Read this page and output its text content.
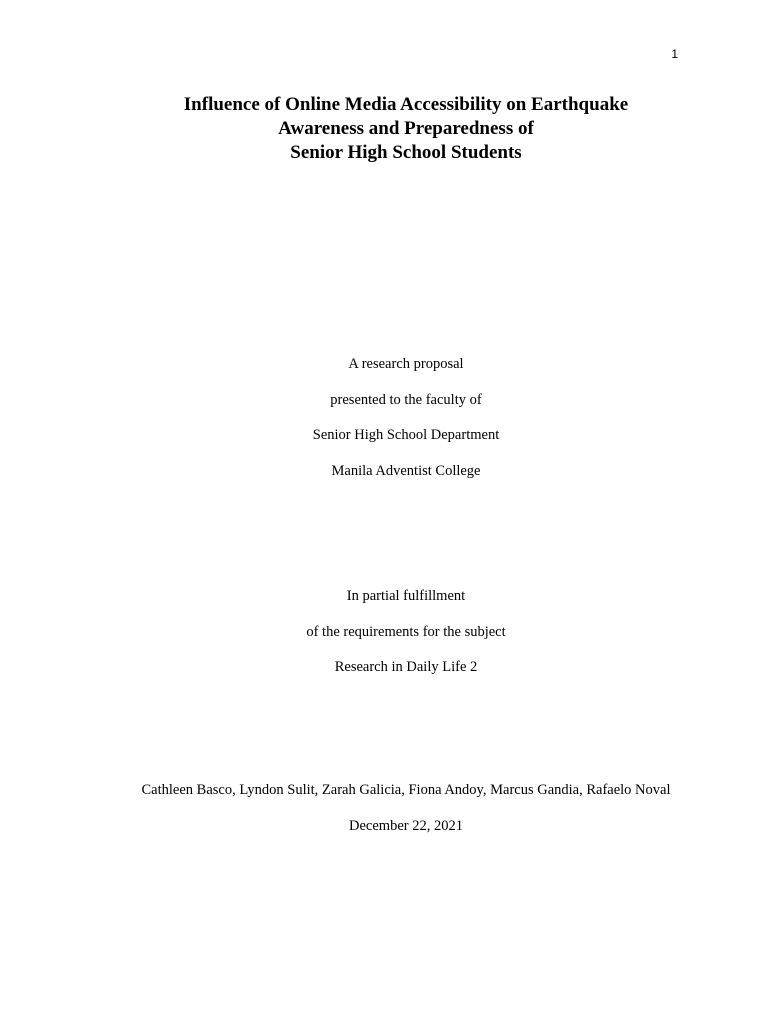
1
Influence of Online Media Accessibility on Earthquake
Awareness and Preparedness of
Senior High School Students
A research proposal
presented to the faculty of
Senior High School Department
Manila Adventist College
In partial fulfillment
of the requirements for the subject
Research in Daily Life 2
Cathleen Basco, Lyndon Sulit, Zarah Galicia, Fiona Andoy, Marcus Gandia, Rafaelo Noval
December 22, 2021
